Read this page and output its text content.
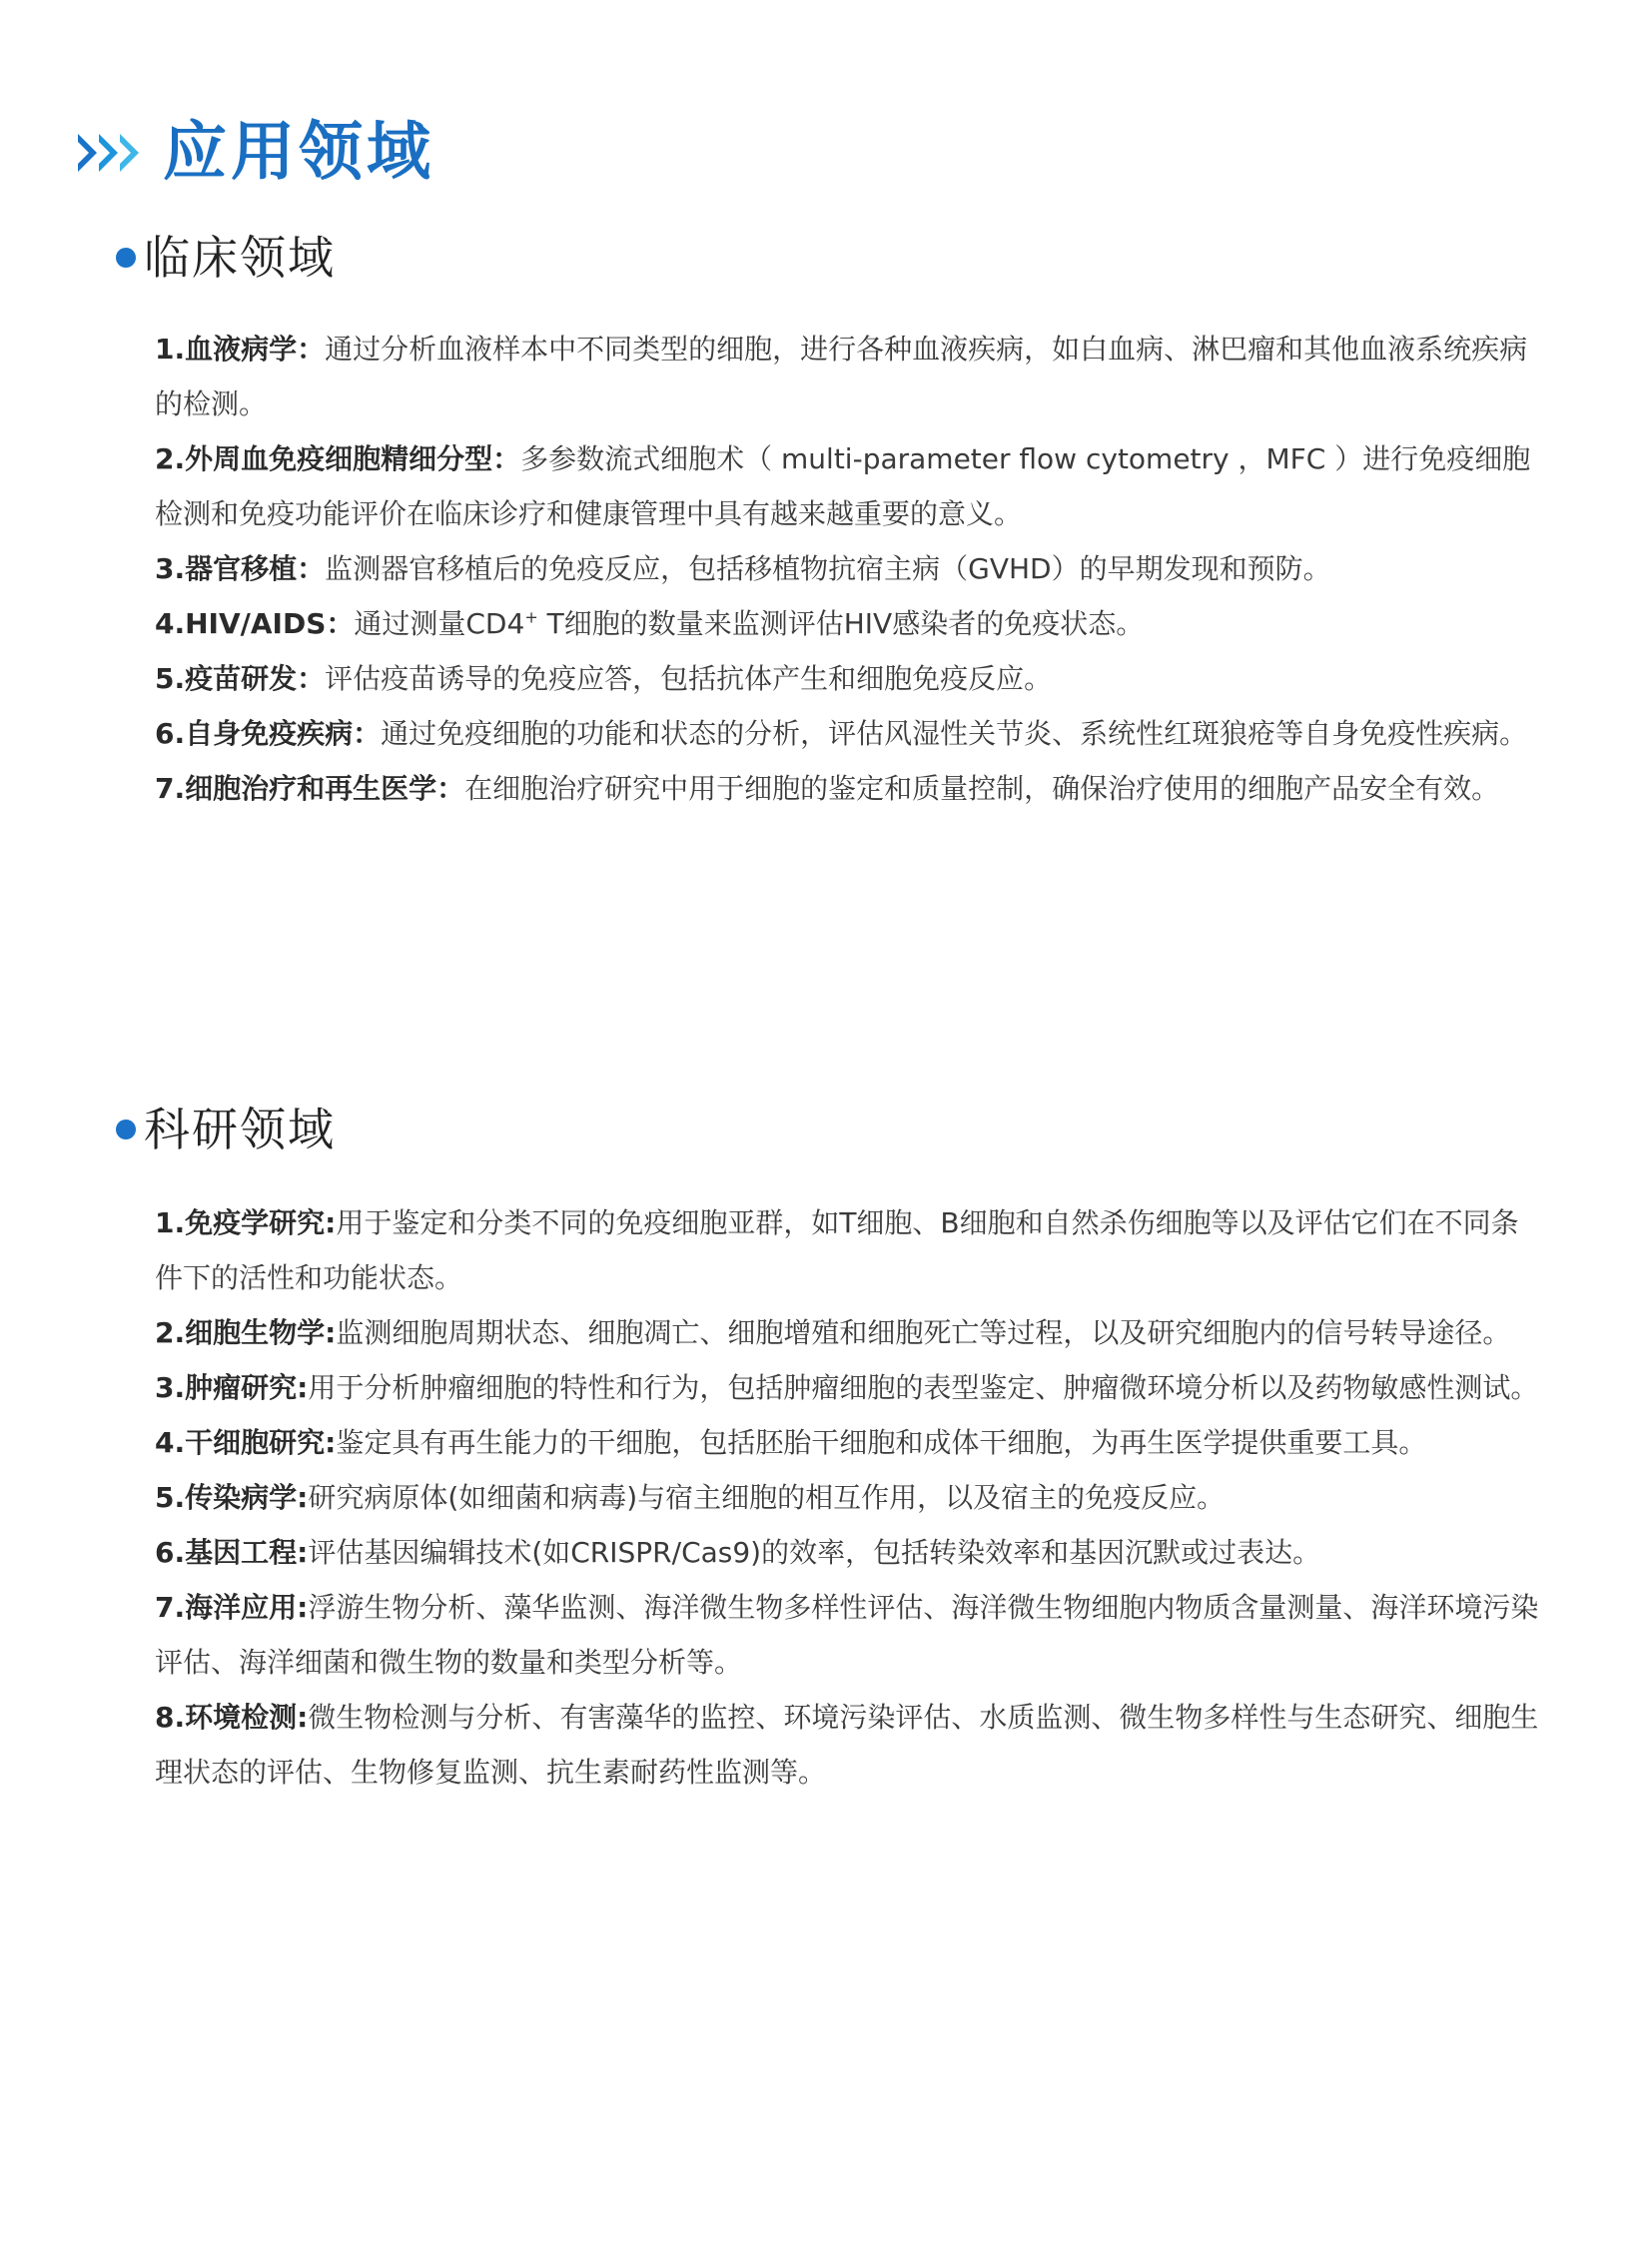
应用领域
临床领域

1.血液病学：通过分析血液样本中不同类型的细胞，进行各种血液疾病，如白血病、淋巴瘤和其他血液系统疾病的检测。

2.外周血免疫细胞精细分型：多参数流式细胞术（ multi-parameter flow cytometry ，MFC ）进行免疫细胞检测和免疫功能评价在临床诊疗和健康管理中具有越来越重要的意义。

3.器官移植：监测器官移植后的免疫反应，包括移植物抗宿主病（GVHD）的早期发现和预防。

4.HIV/AIDS：通过测量CD4+ T细胞的数量来监测评估HIV感染者的免疫状态。

5.疫苗研发：评估疫苗诱导的免疫应答，包括抗体产生和细胞免疫反应。

6.自身免疫疾病：通过免疫细胞的功能和状态的分析，评估风湿性关节炎、系统性红斑狼疮等自身免疫性疾病。

7.细胞治疗和再生医学：在细胞治疗研究中用于细胞的鉴定和质量控制，确保治疗使用的细胞产品安全有效。

科研领域

1.免疫学研究:用于鉴定和分类不同的免疫细胞亚群，如T细胞、B细胞和自然杀伤细胞等以及评估它们在不同条件下的活性和功能状态。

2.细胞生物学:监测细胞周期状态、细胞凋亡、细胞增殖和细胞死亡等过程，以及研究细胞内的信号转导途径。

3.肿瘤研究:用于分析肿瘤细胞的特性和行为，包括肿瘤细胞的表型鉴定、肿瘤微环境分析以及药物敏感性测试。

4.干细胞研究:鉴定具有再生能力的干细胞，包括胚胎干细胞和成体干细胞，为再生医学提供重要工具。

5.传染病学:研究病原体(如细菌和病毒)与宿主细胞的相互作用，以及宿主的免疫反应。

6.基因工程:评估基因编辑技术(如CRISPR/Cas9)的效率，包括转染效率和基因沉默或过表达。

7.海洋应用:浮游生物分析、藻华监测、海洋微生物多样性评估、海洋微生物细胞内物质含量测量、海洋环境污染评估、海洋细菌和微生物的数量和类型分析等。

8.环境检测:微生物检测与分析、有害藻华的监控、环境污染评估、水质监测、微生物多样性与生态研究、细胞生理状态的评估、生物修复监测、抗生素耐药性监测等。
